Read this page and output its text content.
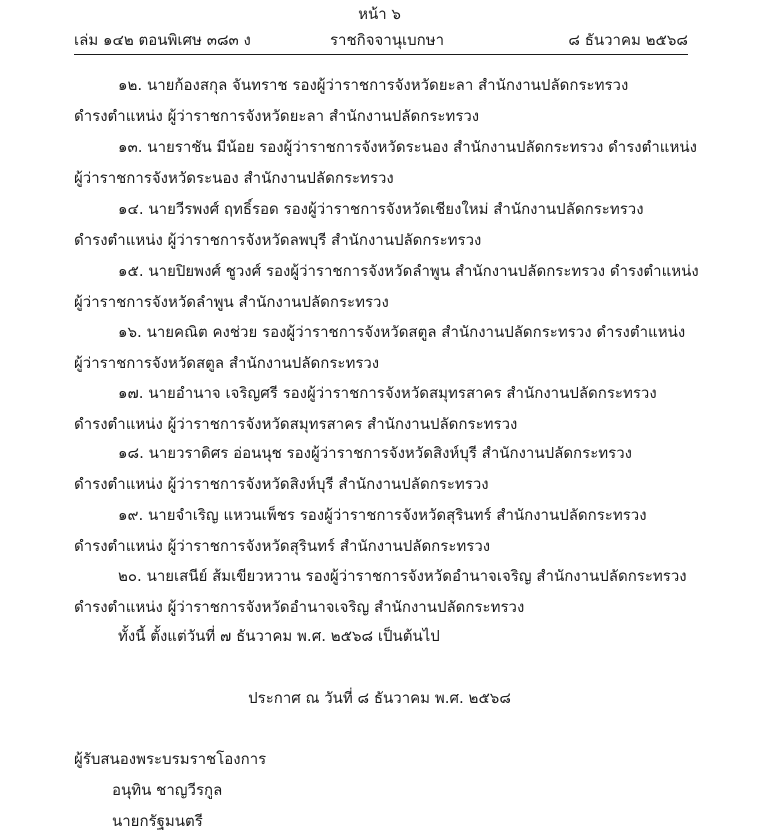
หน้า ๖
เล่ม ๑๔๒ ตอนพิเศษ ๓๘๓ ง	ราชกิจจานุเบกษา	๘ ธันวาคม ๒๕๖๘
๑๒. นายก้องสกุล จันทราช รองผู้ว่าราชการจังหวัดยะลา สำนักงานปลัดกระทรวง
ดำรงตำแหน่ง ผู้ว่าราชการจังหวัดยะลา สำนักงานปลัดกระทรวง
๑๓. นายราชัน มีน้อย รองผู้ว่าราชการจังหวัดระนอง สำนักงานปลัดกระทรวง ดำรงตำแหน่ง
ผู้ว่าราชการจังหวัดระนอง สำนักงานปลัดกระทรวง
๑๔. นายวีรพงศ์ ฤทธิ์รอด รองผู้ว่าราชการจังหวัดเชียงใหม่ สำนักงานปลัดกระทรวง
ดำรงตำแหน่ง ผู้ว่าราชการจังหวัดลพบุรี สำนักงานปลัดกระทรวง
๑๕. นายปิยพงศ์ ชูวงศ์ รองผู้ว่าราชการจังหวัดลำพูน สำนักงานปลัดกระทรวง ดำรงตำแหน่ง
ผู้ว่าราชการจังหวัดลำพูน สำนักงานปลัดกระทรวง
๑๖. นายคณิต คงช่วย รองผู้ว่าราชการจังหวัดสตูล สำนักงานปลัดกระทรวง ดำรงตำแหน่ง
ผู้ว่าราชการจังหวัดสตูล สำนักงานปลัดกระทรวง
๑๗. นายอำนาจ เจริญศรี รองผู้ว่าราชการจังหวัดสมุทรสาคร สำนักงานปลัดกระทรวง
ดำรงตำแหน่ง ผู้ว่าราชการจังหวัดสมุทรสาคร สำนักงานปลัดกระทรวง
๑๘. นายวราดิศร อ่อนนุช รองผู้ว่าราชการจังหวัดสิงห์บุรี สำนักงานปลัดกระทรวง
ดำรงตำแหน่ง ผู้ว่าราชการจังหวัดสิงห์บุรี สำนักงานปลัดกระทรวง
๑๙. นายจำเริญ แหวนเพ็ชร รองผู้ว่าราชการจังหวัดสุรินทร์ สำนักงานปลัดกระทรวง
ดำรงตำแหน่ง ผู้ว่าราชการจังหวัดสุรินทร์ สำนักงานปลัดกระทรวง
๒๐. นายเสนีย์ ส้มเขียวหวาน รองผู้ว่าราชการจังหวัดอำนาจเจริญ สำนักงานปลัดกระทรวง
ดำรงตำแหน่ง ผู้ว่าราชการจังหวัดอำนาจเจริญ สำนักงานปลัดกระทรวง
ทั้งนี้ ตั้งแต่วันที่ ๗ ธันวาคม พ.ศ. ๒๕๖๘ เป็นต้นไป
ประกาศ ณ วันที่ ๘ ธันวาคม พ.ศ. ๒๕๖๘
ผู้รับสนองพระบรมราชโองการ
อนุทิน ชาญวีรกูล
นายกรัฐมนตรี
